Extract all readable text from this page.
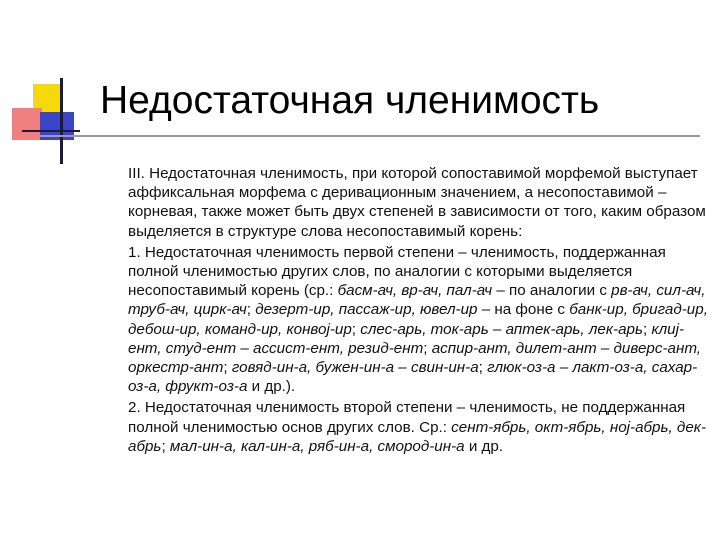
Недостаточная членимость

III. Недостаточная членимость, при которой сопоставимой морфемой выступает аффиксальная морфема с деривационным значением, а несопоставимой – корневая, также может быть двух степеней в зависимости от того, каким образом выделяется в структуре слова несопоставимый корень:

1. Недостаточная членимость первой степени – членимость, поддержанная полной членимостью других слов, по аналогии с которыми выделяется несопоставимый корень (ср.: басм-ач, вр-ач, пал-ач – по аналогии с рв-ач, сил-ач, труб-ач, цирк-ач; дезерт-ир, пассаж-ир, ювел-ир – на фоне с банк-ир, бригад-ир, дебош-ир, команд-ир, конвој-ир; слес-арь, ток-арь – аптек-арь, лек-арь; клиј-ент, студ-ент – ассист-ент, резид-ент; аспир-ант, дилет-ант – диверс-ант, оркестр-ант; говяд-ин-а, бужен-ин-а – свин-ин-а; глюк-оз-а – лакт-оз-а, сахар-оз-а, фрукт-оз-а и др.).

2. Недостаточная членимость второй степени – членимость, не поддержанная полной членимостью основ других слов. Ср.: сент-ябрь, окт-ябрь, ноj-абрь, дек-абрь; мал-ин-а, кал-ин-а, ряб-ин-а, смород-ин-а и др.
